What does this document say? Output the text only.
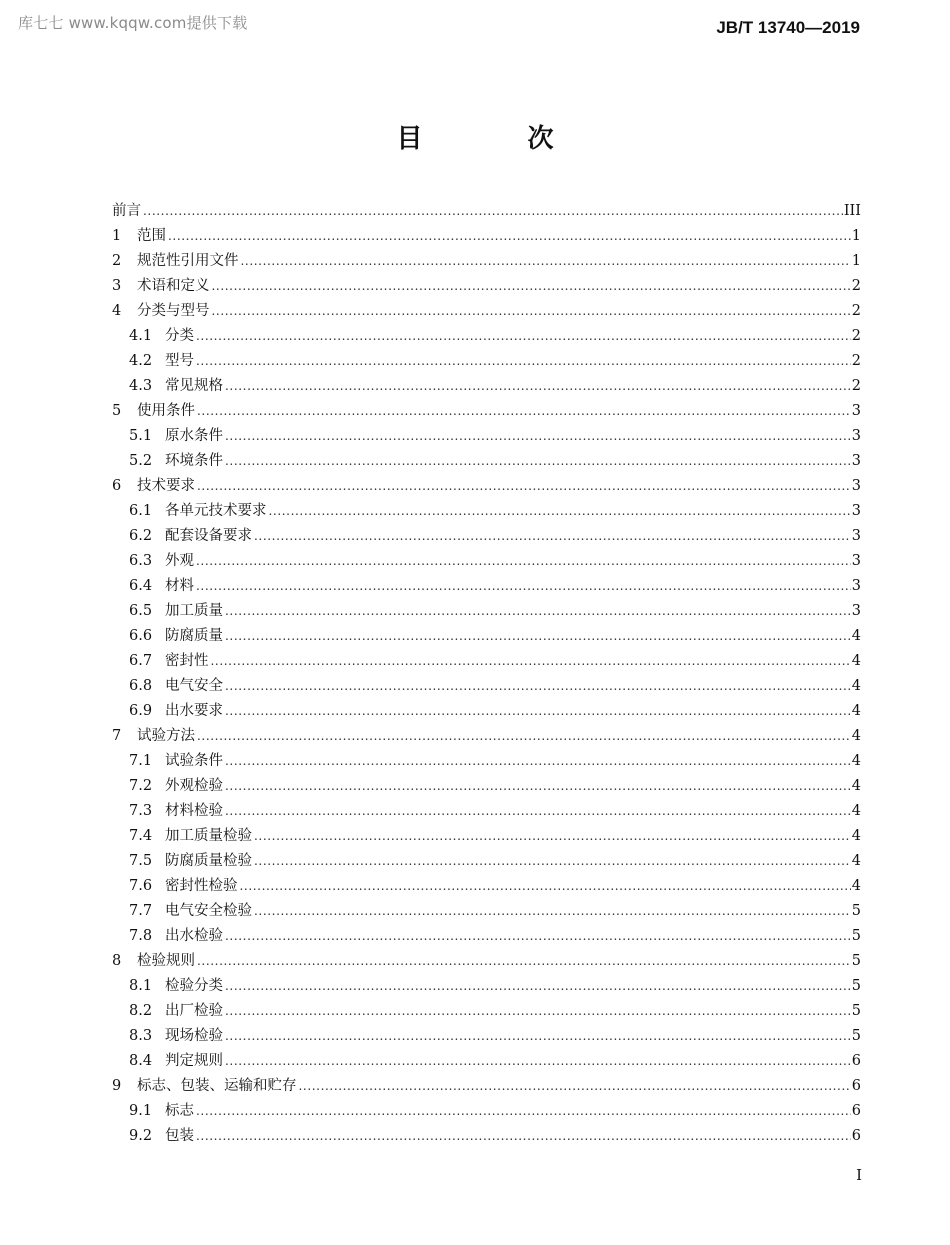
库七七 www.kqqw.com提供下载	JB/T 13740—2019
目 次
前言 .....	III
1	范围 .....	1
2	规范性引用文件 .....	1
3	术语和定义 .....	2
4	分类与型号 .....	2
4.1 分类 .....	2
4.2 型号 .....	2
4.3 常见规格 .....	2
5	使用条件 .....	3
5.1 原水条件 .....	3
5.2 环境条件 .....	3
6	技术要求 .....	3
6.1 各单元技术要求 .....	3
6.2 配套设备要求 .....	3
6.3 外观 .....	3
6.4 材料 .....	3
6.5 加工质量 .....	3
6.6 防腐质量 .....	4
6.7 密封性 .....	4
6.8 电气安全 .....	4
6.9 出水要求 .....	4
7	试验方法 .....	4
7.1 试验条件 .....	4
7.2 外观检验 .....	4
7.3 材料检验 .....	4
7.4 加工质量检验 .....	4
7.5 防腐质量检验 .....	4
7.6 密封性检验 .....	4
7.7 电气安全检验 .....	5
7.8 出水检验 .....	5
8	检验规则 .....	5
8.1 检验分类 .....	5
8.2 出厂检验 .....	5
8.3 现场检验 .....	5
8.4 判定规则 .....	6
9	标志、包装、运输和贮存 .....	6
9.1 标志 .....	6
9.2 包装 .....	6
I
